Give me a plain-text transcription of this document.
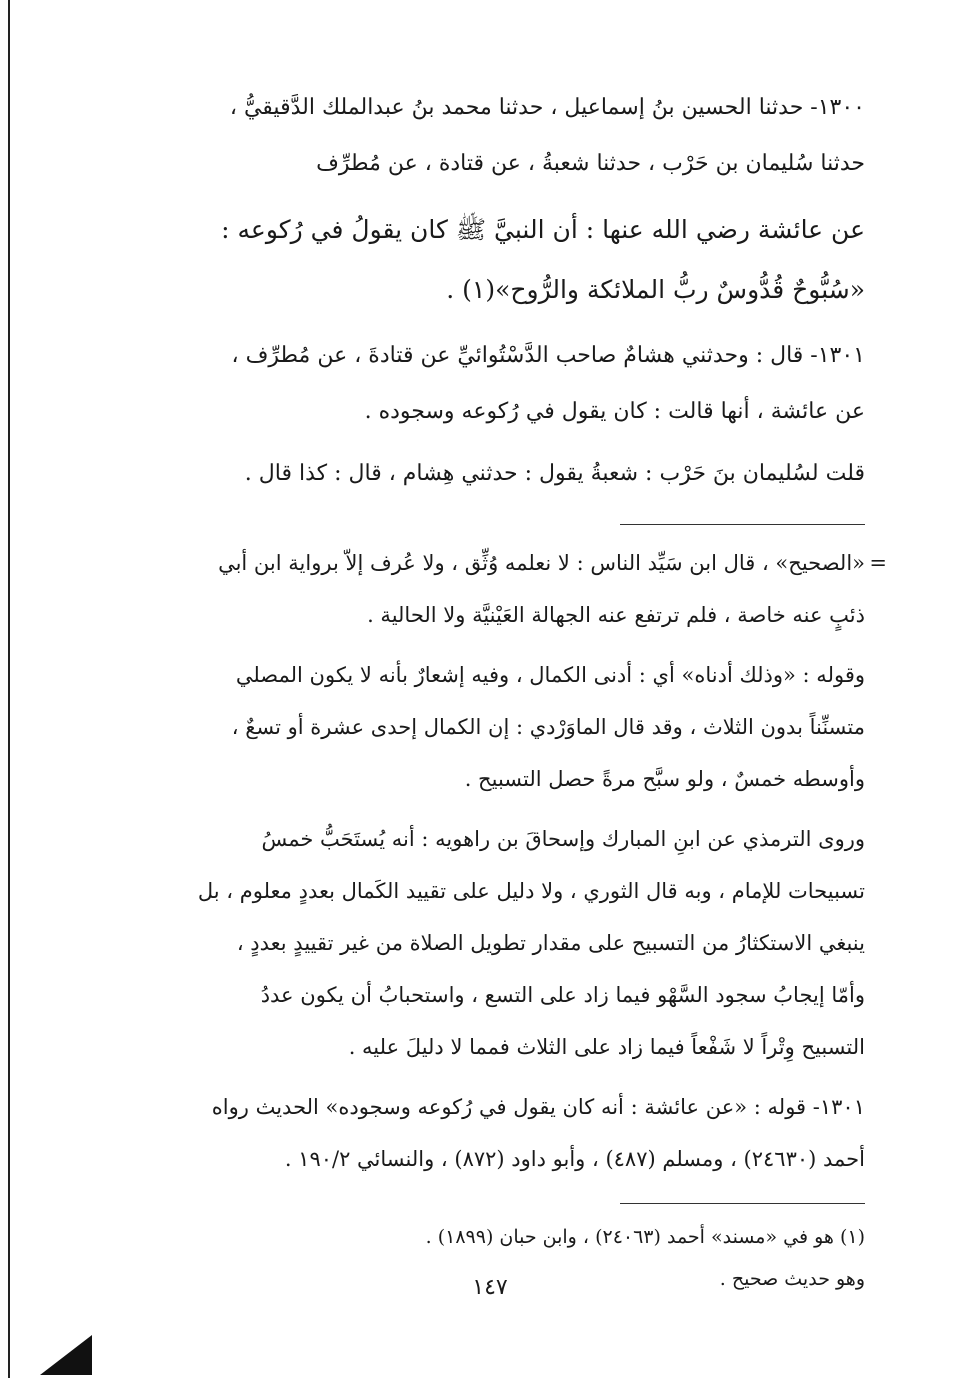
١٣٠٠- حدثنا الحسين بنُ إسماعيل ، حدثنا محمد بنُ عبدالملك الدَّقيقيُّ ،
حدثنا سُليمان بن حَرْب ، حدثنا شعبةُ ، عن قتادة ، عن مُطرِّف
عن عائشة رضي الله عنها : أن النبيَّ ﷺ كان يقولُ في رُكوعه :
«سُبُّوحٌ قُدُّوسٌ ربُّ الملائكة والرُّوح»(١) .
١٣٠١- قال : وحدثني هشامٌ صاحب الدَّسْتُوائيِّ عن قتادةَ ، عن مُطرِّف ،
عن عائشة ، أنها قالت : كان يقول في رُكوعه وسجوده .
قلت لسُليمان بنَ حَرْب : شعبةُ يقول : حدثني هِشام ، قال : كذا قال .
=
«الصحيح» ، قال ابن سَيِّد الناس : لا نعلمه وُثِّق ، ولا عُرف إلاّ برواية ابن أبي
ذئبٍ عنه خاصة ، فلم ترتفع عنه الجهالة العَيْنيَّة ولا الحالية .
وقوله : «وذلك أدناه» أي : أدنى الكمال ، وفيه إشعارٌ بأنه لا يكون المصلي
متسنِّناً بدون الثلاث ، وقد قال الماوَرْدي : إن الكمال إحدى عشرة أو تسعٌ ،
وأوسطه خمسٌ ، ولو سبَّح مرةً حصل التسبيح .
وروى الترمذي عن ابنِ المبارك وإسحاقَ بن راهويه : أنه يُستَحَبُّ خمسُ
تسبيحات للإمام ، وبه قال الثوري ، ولا دليل على تقييد الكَمال بعددٍ معلوم ، بل
ينبغي الاستكثارُ من التسبيح على مقدار تطويل الصلاة من غير تقييدٍ بعددٍ ،
وأمّا إيجابُ سجود السَّهْو فيما زاد على التسع ، واستحبابُ أن يكون عددُ
التسبيح وِتْراً لا شَفْعاً فيما زاد على الثلاث فمما لا دليلَ عليه .
١٣٠١- قوله : «عن عائشة : أنه كان يقول في رُكوعه وسجوده» الحديث رواه
أحمد (٢٤٦٣٠) ، ومسلم (٤٨٧) ، وأبو داود (٨٧٢) ، والنسائي ١٩٠/٢ .
(١) هو في «مسند» أحمد (٢٤٠٦٣) ، وابن حبان (١٨٩٩) .
وهو حديث صحيح .
١٤٧
